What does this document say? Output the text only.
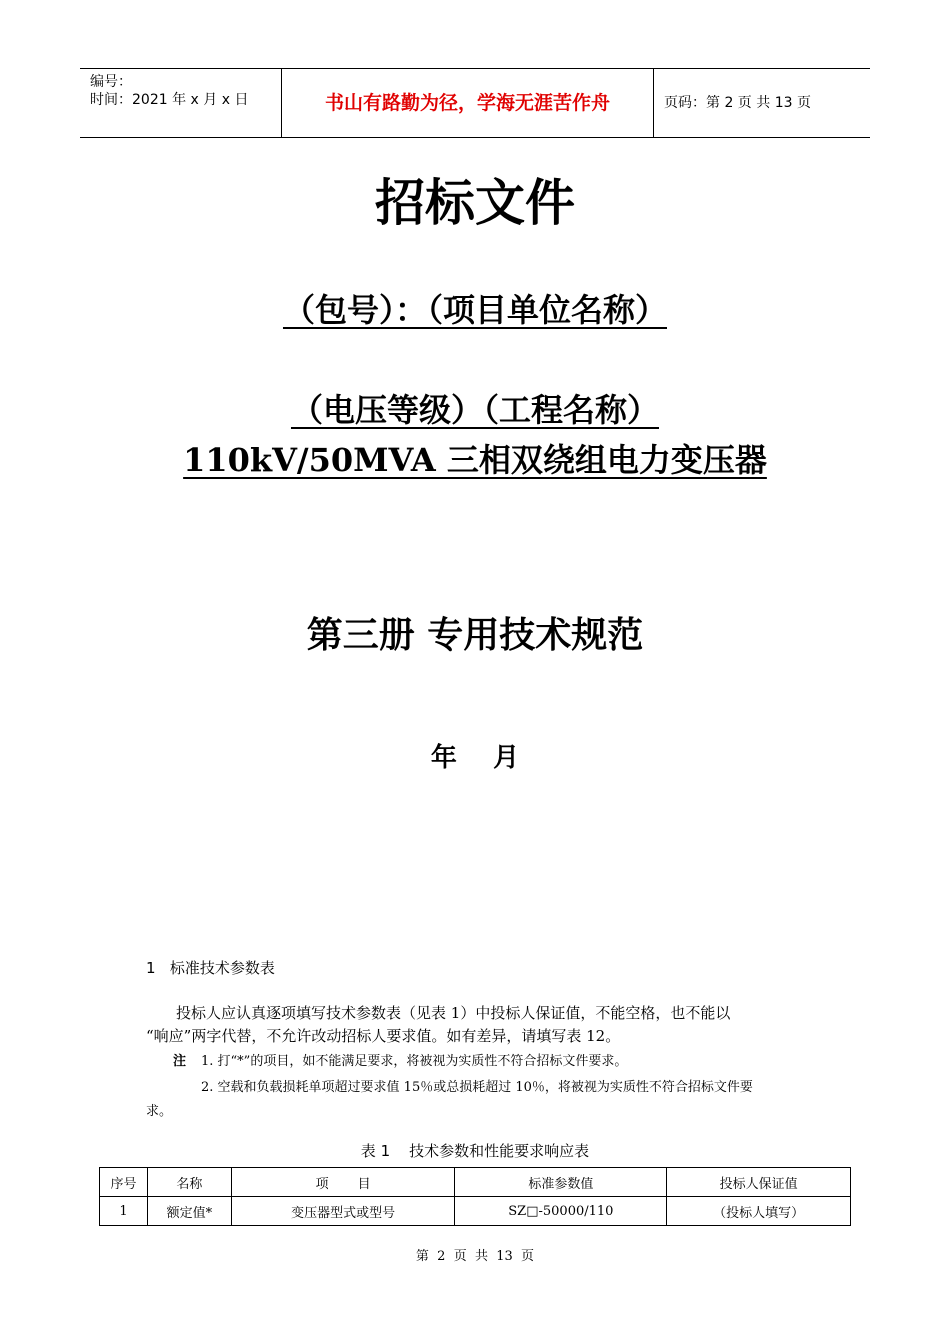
编号：
时间：2021 年 x 月 x 日	书山有路勤为径，学海无涯苦作舟	页码：第 2 页 共 13 页
招标文件
（包号）：（项目单位名称）
（电压等级）（工程名称）
110kV/50MVA 三相双绕组电力变压器
第三册 专用技术规范
年    月
1   标准技术参数表
投标人应认真逐项填写技术参数表（见表 1）中投标人保证值，不能空格，也不能以
“响应”两字代替，不允许改动招标人要求值。如有差异，请填写表 12。
注 1. 打“*”的项目，如不能满足要求，将被视为实质性不符合招标文件要求。
2. 空载和负载损耗单项超过要求值 15％或总损耗超过 10％，将被视为实质性不符合招标文件要
求。
表 1    技术参数和性能要求响应表
序号	名称	项       目	标准参数值	投标人保证值
1	额定值*	变压器型式或型号	SZ□-50000/110	（投标人填写）
第  2  页  共  13  页
